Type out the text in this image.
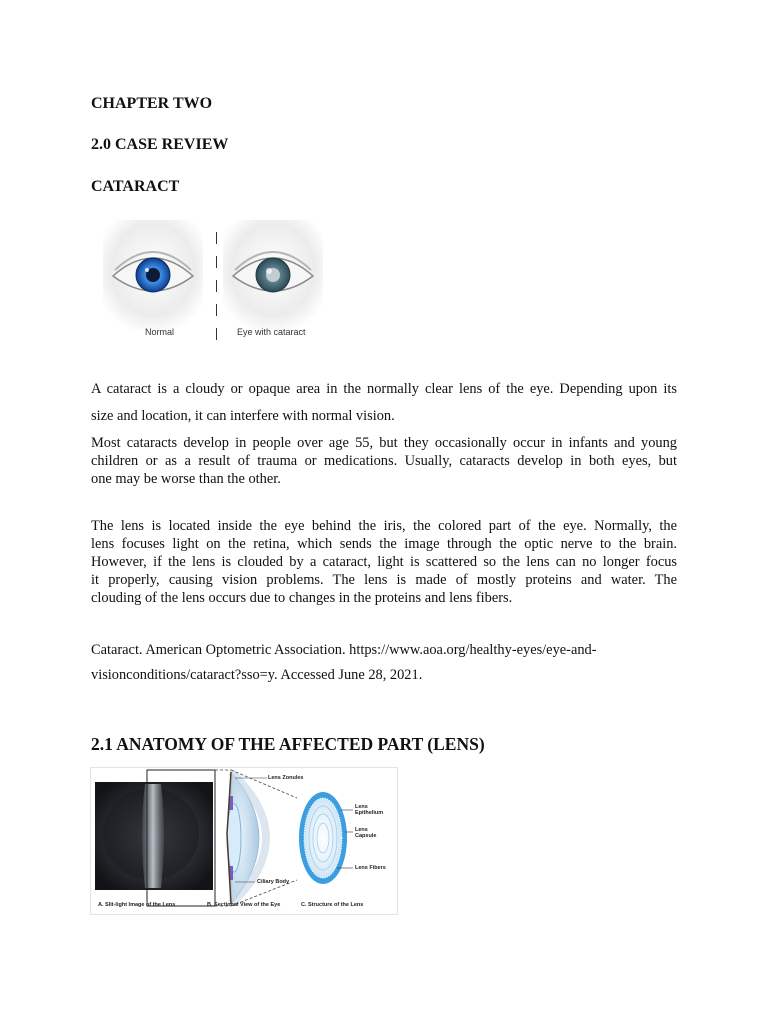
CHAPTER TWO
2.0 CASE REVIEW
CATARACT
Normal	Eye with cataract

A cataract is a cloudy or opaque area in the normally clear lens of the eye. Depending upon its
size and location, it can interfere with normal vision.

Most cataracts develop in people over age 55, but they occasionally occur in infants and young
children or as a result of trauma or medications. Usually, cataracts develop in both eyes, but
one may be worse than the other.

The lens is located inside the eye behind the iris, the colored part of the eye. Normally, the
lens focuses light on the retina, which sends the image through the optic nerve to the brain.
However, if the lens is clouded by a cataract, light is scattered so the lens can no longer focus
it properly, causing vision problems. The lens is made of mostly proteins and water. The
clouding of the lens occurs due to changes in the proteins and lens fibers.

Cataract. American Optometric Association. https://www.aoa.org/healthy-eyes/eye-and-
visionconditions/cataract?sso=y. Accessed June 28, 2021.

2.1 ANATOMY OF THE AFFECTED PART (LENS)
Lens Zonules
Lens
Epithelium
Lens
Capsule
Lens Fibers
Ciliary Body
A. Slit-light Image of the Lens	B. Sectional View of the Eye	C. Structure of the Lens
